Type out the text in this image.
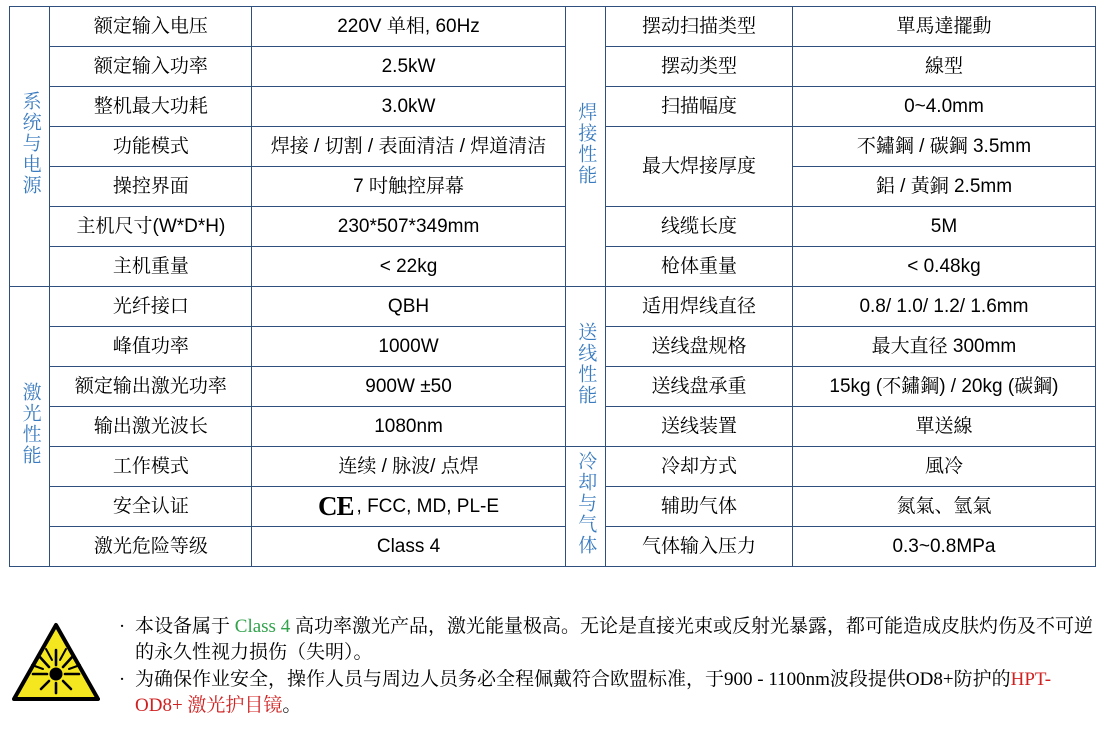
系统与电源	额定输入电压	220V 单相, 60Hz	焊接性能	摆动扫描类型	單馬達擺動
	额定输入功率	2.5kW		摆动类型	線型
	整机最大功耗	3.0kW		扫描幅度	0~4.0mm
	功能模式	焊接 / 切割 / 表面清洁 / 焊道清洁		最大焊接厚度	不鏽鋼 / 碳鋼 3.5mm
	操控界面	7 吋触控屏幕			鋁 / 黃銅 2.5mm
	主机尺寸(W*D*H)	230*507*349mm		线缆长度	5M
	主机重量	< 22kg		枪体重量	< 0.48kg
激光性能	光纤接口	QBH	送线性能	适用焊线直径	0.8/ 1.0/ 1.2/ 1.6mm
	峰值功率	1000W		送线盘规格	最大直径 300mm
	额定输出激光功率	900W ±50		送线盘承重	15kg (不鏽鋼) / 20kg (碳鋼)
	输出激光波长	1080nm		送线装置	單送線
	工作模式	连续 / 脉波/ 点焊	冷却与气体	冷却方式	風冷
	安全认证	CE , FCC, MD, PL-E		辅助气体	氮氣、氫氣
	激光危险等级	Class 4		气体输入压力	0.3~0.8MPa
· 本设备属于 Class 4 高功率激光产品，激光能量极高。无论是直接光束或反射光暴露，都可能造成皮肤灼伤及不可逆的永久性视力损伤（失明）。
· 为确保作业安全，操作人员与周边人员务必全程佩戴符合欧盟标准，于900 - 1100nm波段提供OD8+防护的HPT-OD8+ 激光护目镜。
